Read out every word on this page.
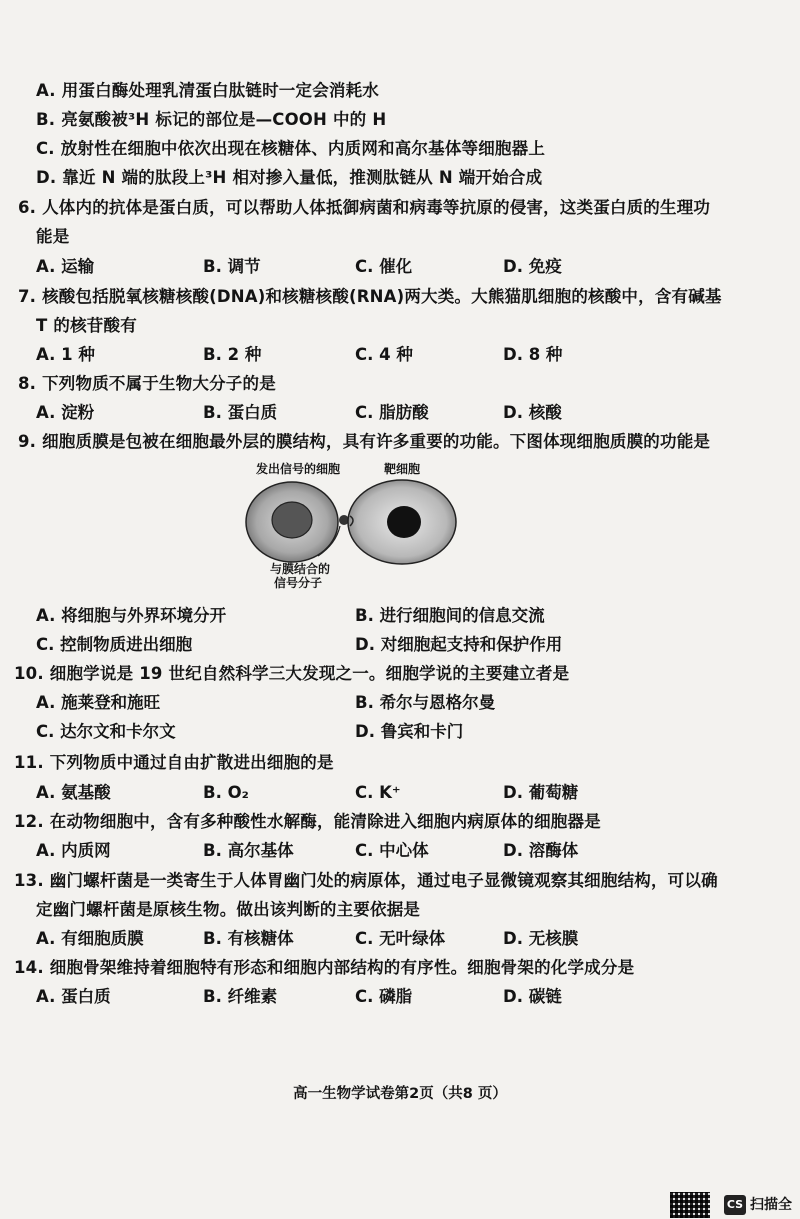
A. 用蛋白酶处理乳清蛋白肽链时一定会消耗水
B. 亮氨酸被³H 标记的部位是—COOH 中的 H
C. 放射性在细胞中依次出现在核糖体、内质网和高尔基体等细胞器上
D. 靠近 N 端的肽段上³H 相对掺入量低，推测肽链从 N 端开始合成
6. 人体内的抗体是蛋白质，可以帮助人体抵御病菌和病毒等抗原的侵害，这类蛋白质的生理功
能是
A. 运输	B. 调节	C. 催化	D. 免疫
7. 核酸包括脱氧核糖核酸(DNA)和核糖核酸(RNA)两大类。大熊猫肌细胞的核酸中，含有碱基
T 的核苷酸有
A. 1 种	B. 2 种	C. 4 种	D. 8 种
8. 下列物质不属于生物大分子的是
A. 淀粉	B. 蛋白质	C. 脂肪酸	D. 核酸
9. 细胞质膜是包被在细胞最外层的膜结构，具有许多重要的功能。下图体现细胞质膜的功能是
发出信号的细胞	靶细胞
与膜结合的
信号分子
A. 将细胞与外界环境分开	B. 进行细胞间的信息交流
C. 控制物质进出细胞	D. 对细胞起支持和保护作用
10. 细胞学说是 19 世纪自然科学三大发现之一。细胞学说的主要建立者是
A. 施莱登和施旺	B. 希尔与恩格尔曼
C. 达尔文和卡尔文	D. 鲁宾和卡门
11. 下列物质中通过自由扩散进出细胞的是
A. 氨基酸	B. O₂	C. K⁺	D. 葡萄糖
12. 在动物细胞中，含有多种酸性水解酶，能清除进入细胞内病原体的细胞器是
A. 内质网	B. 高尔基体	C. 中心体	D. 溶酶体
13. 幽门螺杆菌是一类寄生于人体胃幽门处的病原体，通过电子显微镜观察其细胞结构，可以确
定幽门螺杆菌是原核生物。做出该判断的主要依据是
A. 有细胞质膜	B. 有核糖体	C. 无叶绿体	D. 无核膜
14. 细胞骨架维持着细胞特有形态和细胞内部结构的有序性。细胞骨架的化学成分是
A. 蛋白质	B. 纤维素	C. 磷脂	D. 碳链
高一生物学试卷第2页（共8 页）
CS 扫描全
